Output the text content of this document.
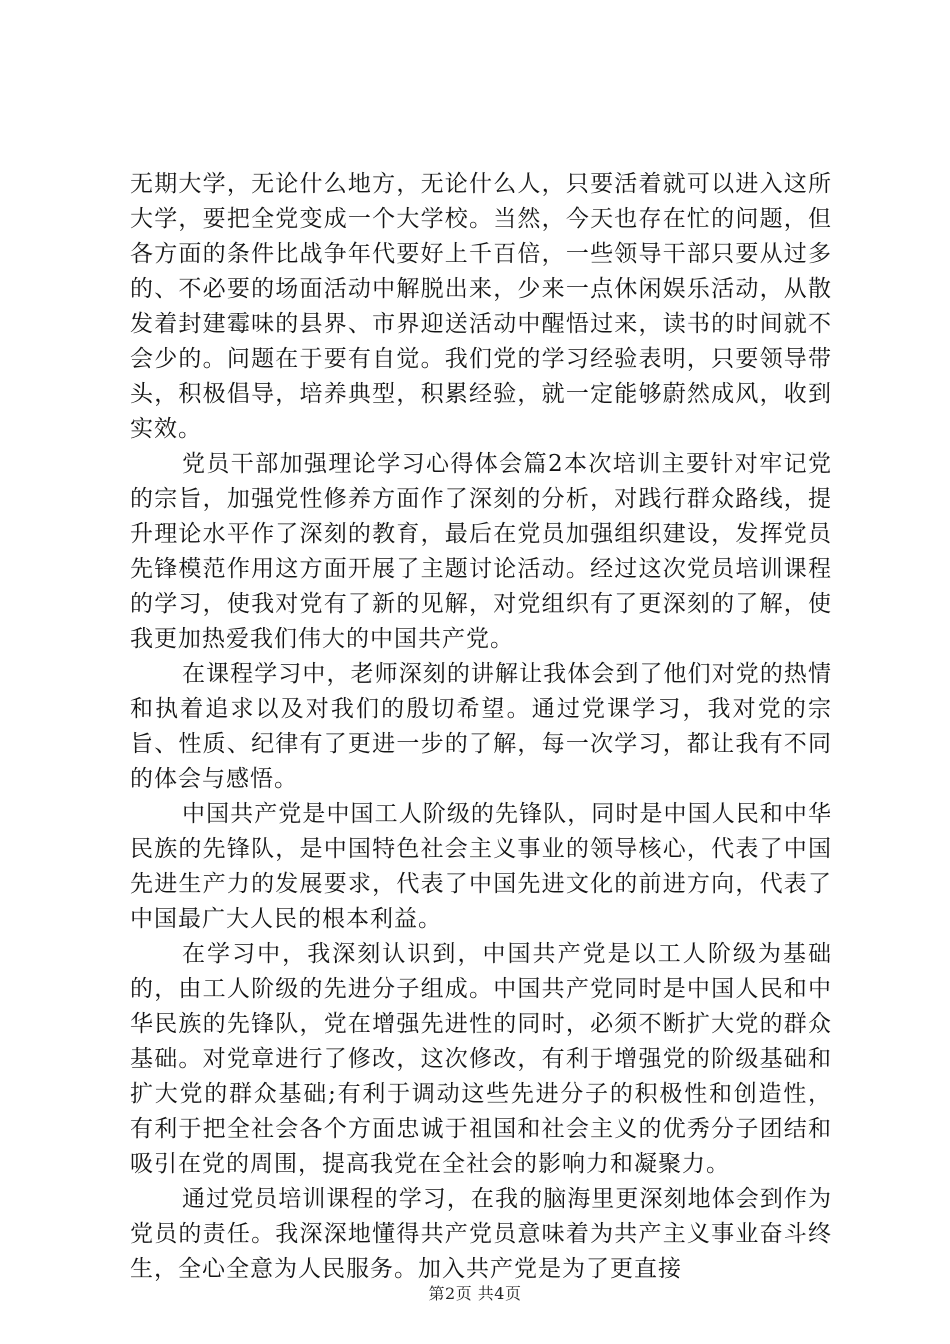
无期大学，无论什么地方，无论什么人，只要活着就可以进入这所大学，要把全党变成一个大学校。当然，今天也存在忙的问题，但各方面的条件比战争年代要好上千百倍，一些领导干部只要从过多的、不必要的场面活动中解脱出来，少来一点休闲娱乐活动，从散发着封建霉味的县界、市界迎送活动中醒悟过来，读书的时间就不会少的。问题在于要有自觉。我们党的学习经验表明，只要领导带头，积极倡导，培养典型，积累经验，就一定能够蔚然成风，收到实效。

党员干部加强理论学习心得体会篇2本次培训主要针对牢记党的宗旨，加强党性修养方面作了深刻的分析，对践行群众路线，提升理论水平作了深刻的教育，最后在党员加强组织建设，发挥党员先锋模范作用这方面开展了主题讨论活动。经过这次党员培训课程的学习，使我对党有了新的见解，对党组织有了更深刻的了解，使我更加热爱我们伟大的中国共产党。

在课程学习中，老师深刻的讲解让我体会到了他们对党的热情和执着追求以及对我们的殷切希望。通过党课学习，我对党的宗旨、性质、纪律有了更进一步的了解，每一次学习，都让我有不同的体会与感悟。

中国共产党是中国工人阶级的先锋队，同时是中国人民和中华民族的先锋队，是中国特色社会主义事业的领导核心，代表了中国先进生产力的发展要求，代表了中国先进文化的前进方向，代表了中国最广大人民的根本利益。

在学习中，我深刻认识到，中国共产党是以工人阶级为基础的，由工人阶级的先进分子组成。中国共产党同时是中国人民和中华民族的先锋队，党在增强先进性的同时，必须不断扩大党的群众基础。对党章进行了修改，这次修改，有利于增强党的阶级基础和扩大党的群众基础;有利于调动这些先进分子的积极性和创造性，有利于把全社会各个方面忠诚于祖国和社会主义的优秀分子团结和吸引在党的周围，提高我党在全社会的影响力和凝聚力。

通过党员培训课程的学习，在我的脑海里更深刻地体会到作为党员的责任。我深深地懂得共产党员意味着为共产主义事业奋斗终生，全心全意为人民服务。加入共产党是为了更直接

第2页 共4页
